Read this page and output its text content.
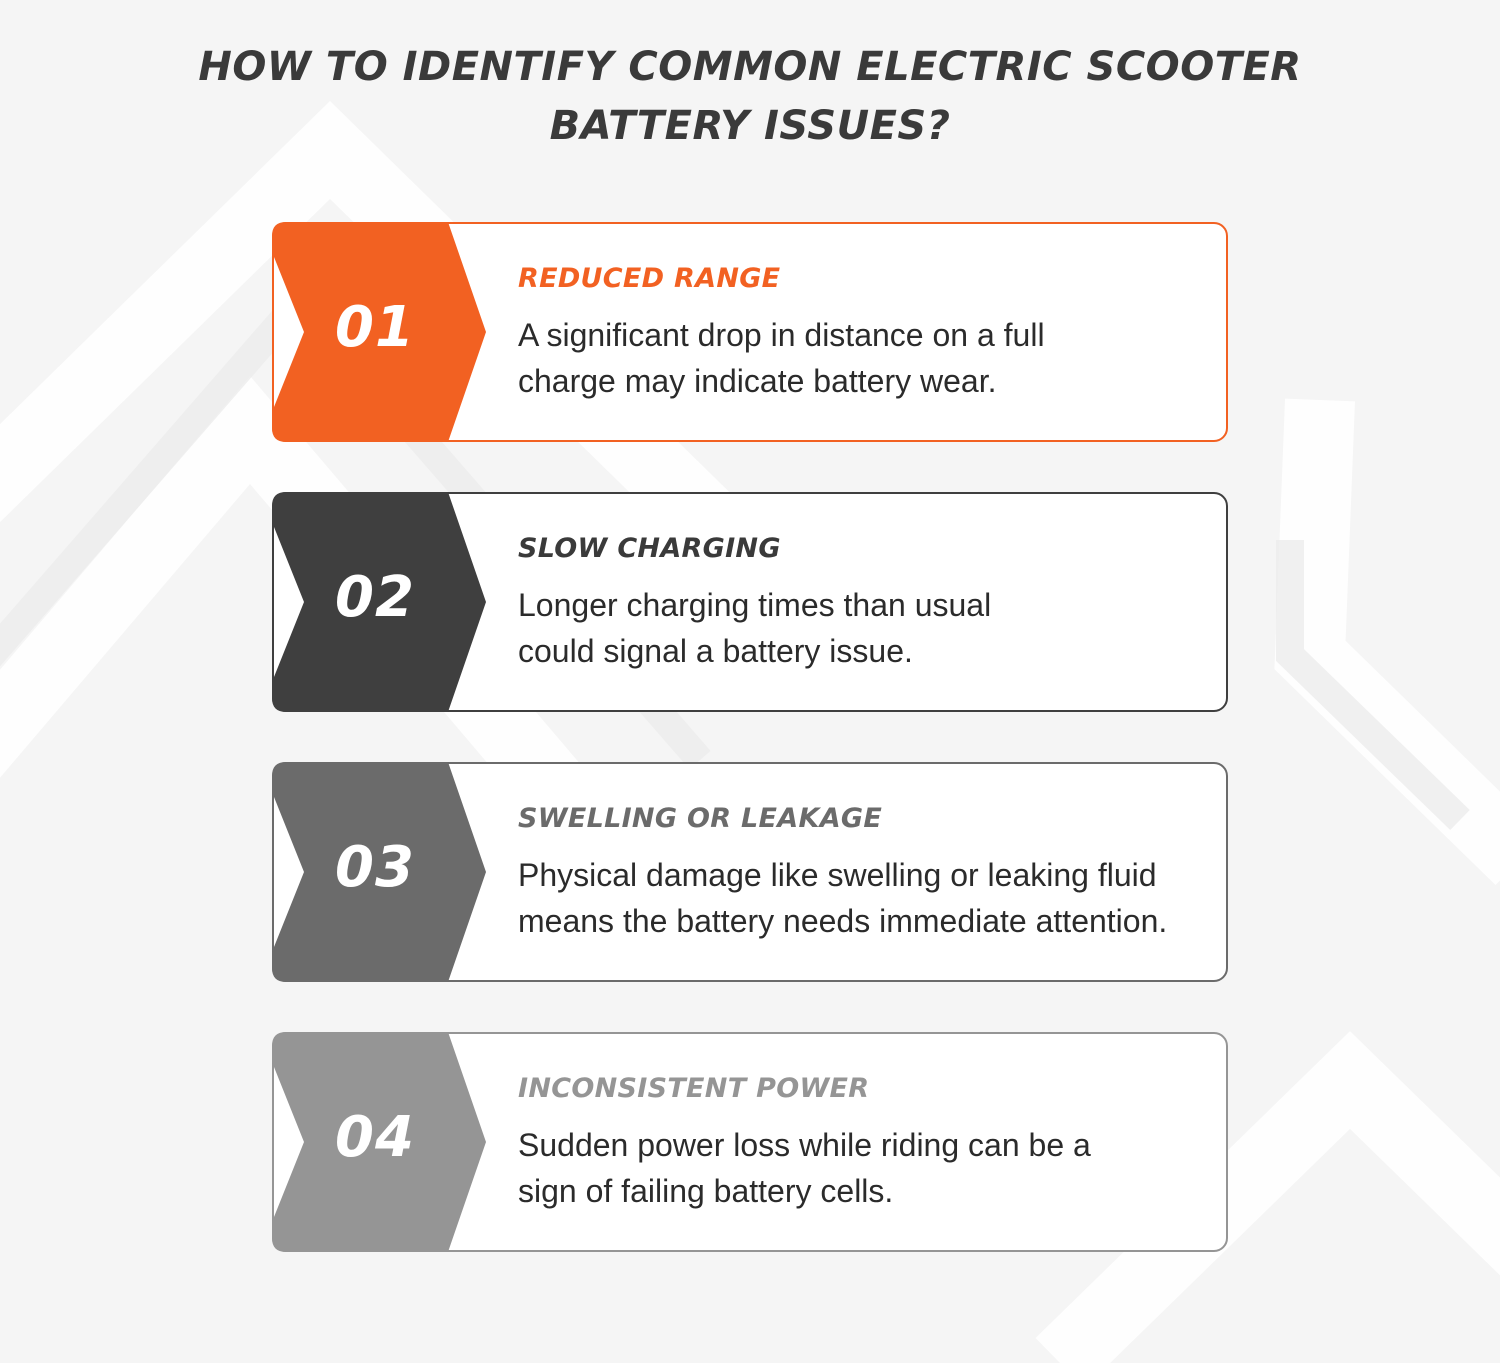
HOW TO IDENTIFY COMMON ELECTRIC SCOOTER BATTERY ISSUES?
01
REDUCED RANGE
A significant drop in distance on a full
charge may indicate battery wear.
02
SLOW CHARGING
Longer charging times than usual
could signal a battery issue.
03
SWELLING OR LEAKAGE
Physical damage like swelling or leaking fluid
means the battery needs immediate attention.
04
INCONSISTENT POWER
Sudden power loss while riding can be a
sign of failing battery cells.
